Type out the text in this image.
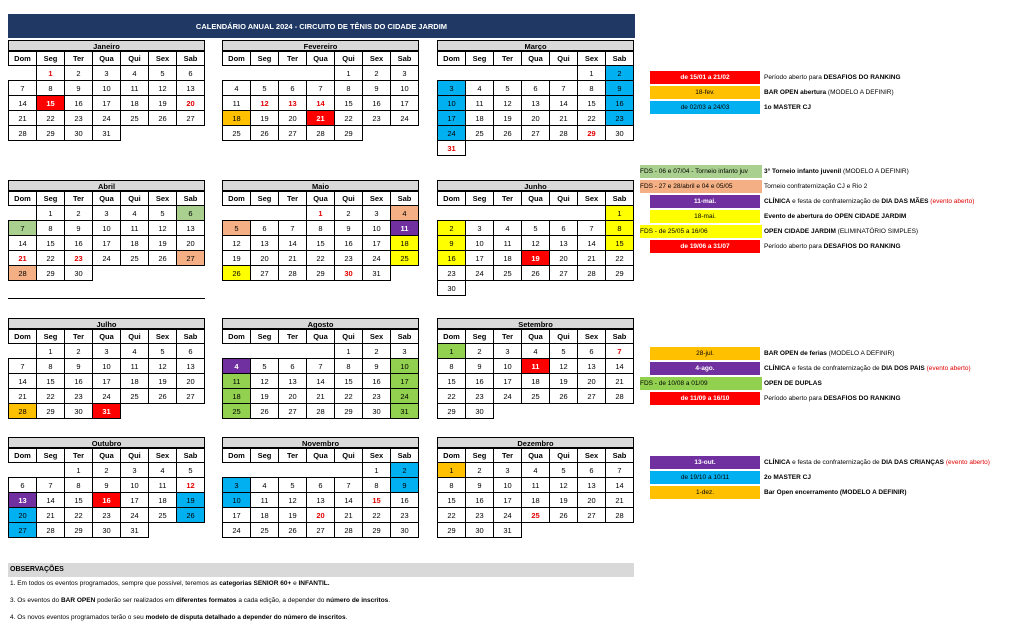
CALENDÁRIO ANUAL 2024 - CIRCUITO DE TÊNIS DO CIDADE JARDIM
Janeiro
Dom	Seg	Ter	Qua	Qui	Sex	Sab
	1	2	3	4	5	6
7	8	9	10	11	12	13
14	15	16	17	18	19	20
21	22	23	24	25	26	27
28	29	30	31			
Fevereiro
Dom	Seg	Ter	Qua	Qui	Sex	Sab
				1	2	3
4	5	6	7	8	9	10
11	12	13	14	15	16	17
18	19	20	21	22	23	24
25	26	27	28	29		
Março
Dom	Seg	Ter	Qua	Qui	Sex	Sab
					1	2
3	4	5	6	7	8	9
10	11	12	13	14	15	16
17	18	19	20	21	22	23
24	25	26	27	28	29	30
31						
Abril
Dom	Seg	Ter	Qua	Qui	Sex	Sab
	1	2	3	4	5	6
7	8	9	10	11	12	13
14	15	16	17	18	19	20
21	22	23	24	25	26	27
28	29	30				
Maio
Dom	Seg	Ter	Qua	Qui	Sex	Sab
			1	2	3	4
5	6	7	8	9	10	11
12	13	14	15	16	17	18
19	20	21	22	23	24	25
26	27	28	29	30	31	
Junho
Dom	Seg	Ter	Qua	Qui	Sex	Sab
						1
2	3	4	5	6	7	8
9	10	11	12	13	14	15
16	17	18	19	20	21	22
23	24	25	26	27	28	29
30						
Julho
Dom	Seg	Ter	Qua	Qui	Sex	Sab
	1	2	3	4	5	6
7	8	9	10	11	12	13
14	15	16	17	18	19	20
21	22	23	24	25	26	27
28	29	30	31			
Agosto
Dom	Seg	Ter	Qua	Qui	Sex	Sab
				1	2	3
4	5	6	7	8	9	10
11	12	13	14	15	16	17
18	19	20	21	22	23	24
25	26	27	28	29	30	31
Setembro
Dom	Seg	Ter	Qua	Qui	Sex	Sab
1	2	3	4	5	6	7
8	9	10	11	12	13	14
15	16	17	18	19	20	21
22	23	24	25	26	27	28
29	30					
Outubro
Dom	Seg	Ter	Qua	Qui	Sex	Sab
		1	2	3	4	5
6	7	8	9	10	11	12
13	14	15	16	17	18	19
20	21	22	23	24	25	26
27	28	29	30	31		
Novembro
Dom	Seg	Ter	Qua	Qui	Sex	Sab
					1	2
3	4	5	6	7	8	9
10	11	12	13	14	15	16
17	18	19	20	21	22	23
24	25	26	27	28	29	30
Dezembro
Dom	Seg	Ter	Qua	Qui	Sex	Sab
1	2	3	4	5	6	7
8	9	10	11	12	13	14
15	16	17	18	19	20	21
22	23	24	25	26	27	28
29	30	31				
de 15/01 a 21/02	Período aberto para DESAFIOS DO RANKING
18-fev.	BAR OPEN abertura (MODELO A DEFINIR)
de 02/03 a 24/03	1o MASTER CJ
FDS - 06 e 07/04 - Torneio infanto juv	3° Torneio infanto juvenil (MODELO A DEFINIR)
FDS - 27 e 28/abril e 04 e 05/05	Torneio confraternização CJ e Rio 2
11-mai.	CLÍNICA e festa de confraternização de DIA DAS MÃES (evento aberto)
18-mai.	Evento de abertura do OPEN CIDADE JARDIM
FDS - de 25/05 a 16/06	OPEN CIDADE JARDIM (ELIMINATÓRIO SIMPLES)
de 19/06 a 31/07	Período aberto para DESAFIOS DO RANKING
28-jul.	BAR OPEN de ferias (MODELO A DEFINIR)
4-ago.	CLÍNICA e festa de confraternização de DIA DOS PAIS (evento aberto)
FDS - de 10/08 a 01/09	OPEN DE DUPLAS
de 11/09 a 16/10	Período aberto para DESAFIOS DO RANKING
13-out.	CLÍNICA e festa de confraternização de DIA DAS CRIANÇAS (evento aberto)
de 19/10 a 10/11	2o MASTER CJ
1-dez.	Bar Open encerramento (MODELO A DEFINIR)
OBSERVAÇÕES
1. Em todos os eventos programados, sempre que possível, teremos as categorias SENIOR 60+ e INFANTIL.
3. Os eventos do BAR OPEN poderão ser realizados em diferentes formatos a cada edição, a depender do número de inscritos.
4. Os novos eventos programados terão o seu modelo de disputa detalhado a depender do número de inscritos.
